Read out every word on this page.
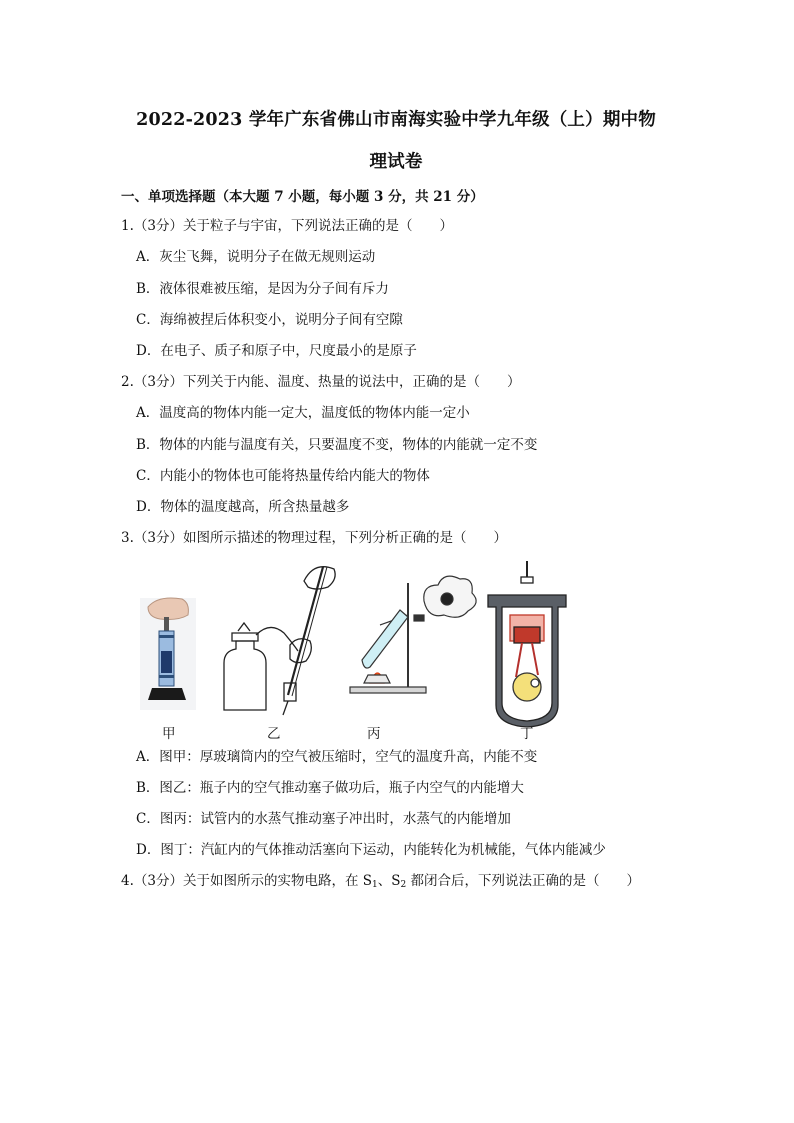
2022-2023 学年广东省佛山市南海实验中学九年级（上）期中物
理试卷
一、单项选择题（本大题 7 小题，每小题 3 分，共 21 分）
1.（3分）关于粒子与宇宙，下列说法正确的是（　　）
A．灰尘飞舞，说明分子在做无规则运动
B．液体很难被压缩，是因为分子间有斥力
C．海绵被捏后体积变小，说明分子间有空隙
D．在电子、质子和原子中，尺度最小的是原子
2.（3分）下列关于内能、温度、热量的说法中，正确的是（　　）
A．温度高的物体内能一定大，温度低的物体内能一定小
B．物体的内能与温度有关，只要温度不变，物体的内能就一定不变
C．内能小的物体也可能将热量传给内能大的物体
D．物体的温度越高，所含热量越多
3.（3分）如图所示描述的物理过程，下列分析正确的是（　　）
甲	乙	丙	丁
A．图甲：厚玻璃筒内的空气被压缩时，空气的温度升高，内能不变
B．图乙：瓶子内的空气推动塞子做功后，瓶子内空气的内能增大
C．图丙：试管内的水蒸气推动塞子冲出时，水蒸气的内能增加
D．图丁：汽缸内的气体推动活塞向下运动，内能转化为机械能，气体内能减少
4.（3分）关于如图所示的实物电路，在 $S_1$、$S_2$ 都闭合后，下列说法正确的是（　　）
